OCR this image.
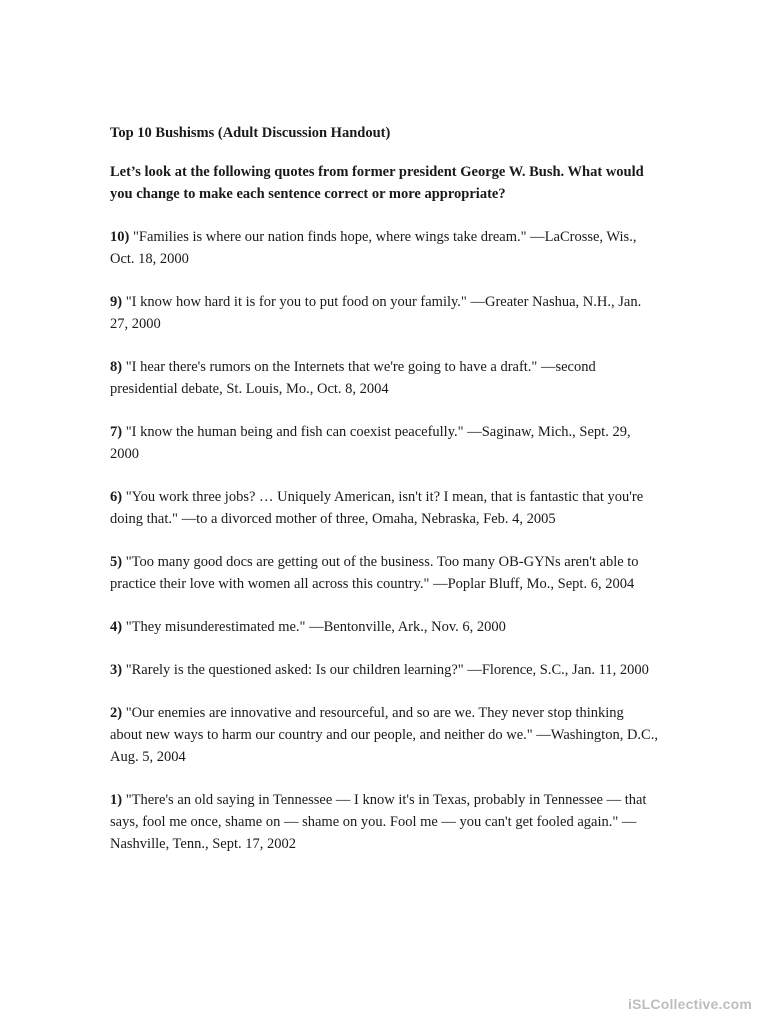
Top 10 Bushisms (Adult Discussion Handout)

Let’s look at the following quotes from former president George W. Bush. What would you change to make each sentence correct or more appropriate?

10) "Families is where our nation finds hope, where wings take dream." —LaCrosse, Wis., Oct. 18, 2000

9) "I know how hard it is for you to put food on your family." —Greater Nashua, N.H., Jan. 27, 2000

8) "I hear there's rumors on the Internets that we're going to have a draft." —second presidential debate, St. Louis, Mo., Oct. 8, 2004

7) "I know the human being and fish can coexist peacefully." —Saginaw, Mich., Sept. 29, 2000

6) "You work three jobs? … Uniquely American, isn't it? I mean, that is fantastic that you're doing that." —to a divorced mother of three, Omaha, Nebraska, Feb. 4, 2005

5) "Too many good docs are getting out of the business. Too many OB-GYNs aren't able to practice their love with women all across this country." —Poplar Bluff, Mo., Sept. 6, 2004

4) "They misunderestimated me." —Bentonville, Ark., Nov. 6, 2000

3) "Rarely is the questioned asked: Is our children learning?" —Florence, S.C., Jan. 11, 2000

2) "Our enemies are innovative and resourceful, and so are we. They never stop thinking about new ways to harm our country and our people, and neither do we." —Washington, D.C., Aug. 5, 2004

1) "There's an old saying in Tennessee — I know it's in Texas, probably in Tennessee — that says, fool me once, shame on — shame on you. Fool me — you can't get fooled again." —Nashville, Tenn., Sept. 17, 2002

iSLCollective.com
